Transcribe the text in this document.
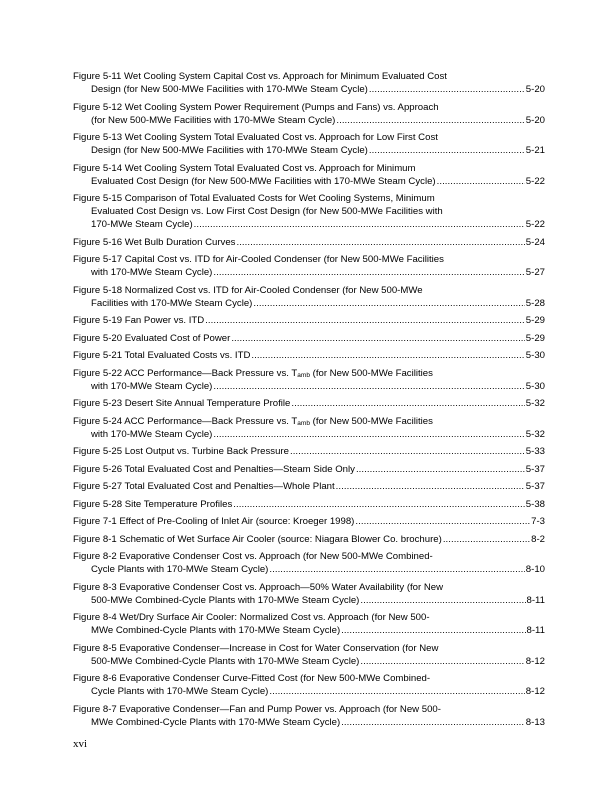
Figure 5-11 Wet Cooling System Capital Cost vs. Approach for Minimum Evaluated Cost
Design (for New 500-MWe Facilities with 170-MWe Steam Cycle) . . .	5-20
Figure 5-12 Wet Cooling System Power Requirement (Pumps and Fans) vs. Approach
(for New 500-MWe Facilities with 170-MWe Steam Cycle) . . .	5-20
Figure 5-13 Wet Cooling System Total Evaluated Cost vs. Approach for Low First Cost
Design (for New 500-MWe Facilities with 170-MWe Steam Cycle) . . .	5-21
Figure 5-14 Wet Cooling System Total Evaluated Cost vs. Approach for Minimum
Evaluated Cost Design (for New 500-MWe Facilities with 170-MWe Steam Cycle) . . .	5-22
Figure 5-15 Comparison of Total Evaluated Costs for Wet Cooling Systems, Minimum
Evaluated Cost Design vs. Low First Cost Design (for New 500-MWe Facilities with
170-MWe Steam Cycle) . . .	5-22
Figure 5-16 Wet Bulb Duration Curves . . .	5-24
Figure 5-17 Capital Cost vs. ITD for Air-Cooled Condenser (for New 500-MWe Facilities
with 170-MWe Steam Cycle) . . .	5-27
Figure 5-18 Normalized Cost vs. ITD for Air-Cooled Condenser (for New 500-MWe
Facilities with 170-MWe Steam Cycle) . . .	5-28
Figure 5-19 Fan Power vs. ITD . . .	5-29
Figure 5-20 Evaluated Cost of Power . . .	5-29
Figure 5-21 Total Evaluated Costs vs. ITD . . .	5-30
Figure 5-22 ACC Performance—Back Pressure vs. $T_{amb}$ (for New 500-MWe Facilities
with 170-MWe Steam Cycle) . . .	5-30
Figure 5-23 Desert Site Annual Temperature Profile . . .	5-32
Figure 5-24 ACC Performance—Back Pressure vs. $T_{amb}$ (for New 500-MWe Facilities
with 170-MWe Steam Cycle) . . .	5-32
Figure 5-25 Lost Output vs. Turbine Back Pressure . . .	5-33
Figure 5-26 Total Evaluated Cost and Penalties—Steam Side Only . . .	5-37
Figure 5-27 Total Evaluated Cost and Penalties—Whole Plant . . .	5-37
Figure 5-28 Site Temperature Profiles . . .	5-38
Figure 7-1 Effect of Pre-Cooling of Inlet Air (source: Kroeger 1998) . . .	7-3
Figure 8-1 Schematic of Wet Surface Air Cooler (source: Niagara Blower Co. brochure) . . .	8-2
Figure 8-2 Evaporative Condenser Cost vs. Approach (for New 500-MWe Combined-
Cycle Plants with 170-MWe Steam Cycle) . . .	8-10
Figure 8-3 Evaporative Condenser Cost vs. Approach—50% Water Availability (for New
500-MWe Combined-Cycle Plants with 170-MWe Steam Cycle) . . .	8-11
Figure 8-4 Wet/Dry Surface Air Cooler: Normalized Cost vs. Approach (for New 500-
MWe Combined-Cycle Plants with 170-MWe Steam Cycle) . . .	8-11
Figure 8-5 Evaporative Condenser—Increase in Cost for Water Conservation (for New
500-MWe Combined-Cycle Plants with 170-MWe Steam Cycle) . . .	8-12
Figure 8-6 Evaporative Condenser Curve-Fitted Cost (for New 500-MWe Combined-
Cycle Plants with 170-MWe Steam Cycle) . . .	8-12
Figure 8-7 Evaporative Condenser—Fan and Pump Power vs. Approach (for New 500-
MWe Combined-Cycle Plants with 170-MWe Steam Cycle) . . .	8-13
xvi
